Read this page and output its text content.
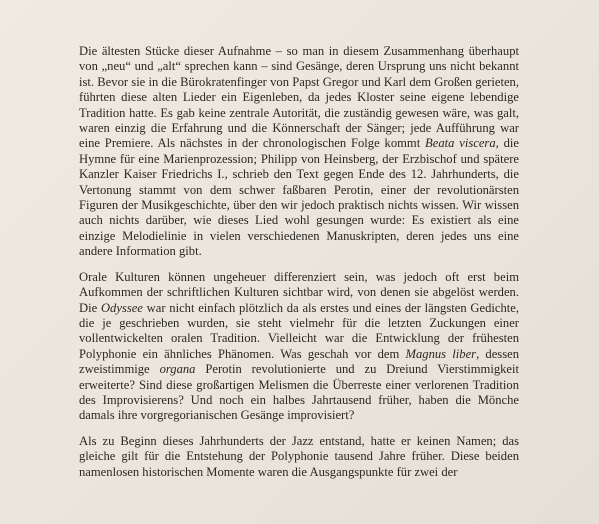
Die ältesten Stücke dieser Aufnahme – so man in diesem Zusammenhang überhaupt von „neu“ und „alt“ sprechen kann – sind Gesänge, deren Ursprung uns nicht bekannt ist. Bevor sie in die Bürokratenfinger von Papst Gregor und Karl dem Großen gerieten, führten diese alten Lieder ein Eigenleben, da jedes Kloster seine eigene lebendige Tradition hatte. Es gab keine zentrale Autorität, die zuständig gewesen wäre, was galt, waren einzig die Erfahrung und die Könnerschaft der Sänger; jede Aufführung war eine Premiere. Als nächstes in der chronologischen Folge kommt Beata viscera, die Hymne für eine Marienprozession; Philipp von Heinsberg, der Erzbischof und spätere Kanzler Kaiser Friedrichs I., schrieb den Text gegen Ende des 12. Jahrhunderts, die Vertonung stammt von dem schwer faßbaren Perotin, einer der revolutionärsten Figuren der Musikgeschichte, über den wir jedoch praktisch nichts wissen. Wir wissen auch nichts darüber, wie dieses Lied wohl gesungen wurde: Es existiert als eine einzige Melodielinie in vielen verschiedenen Manuskripten, deren jedes uns eine andere Information gibt.

Orale Kulturen können ungeheuer differenziert sein, was jedoch oft erst beim Aufkommen der schriftlichen Kulturen sichtbar wird, von denen sie abgelöst werden. Die Odyssee war nicht einfach plötzlich da als erstes und eines der längsten Gedichte, die je geschrieben wurden, sie steht vielmehr für die letzten Zuckungen einer vollentwickelten oralen Tradition. Vielleicht war die Entwicklung der frühesten Polyphonie ein ähnliches Phänomen. Was geschah vor dem Magnus liber, dessen zweistimmige organa Perotin revolutionierte und zu Dreiund Vierstimmigkeit erweiterte? Sind diese großartigen Melismen die Überreste einer verlorenen Tradition des Improvisierens? Und noch ein halbes Jahrtausend früher, haben die Mönche damals ihre vorgregorianischen Gesänge improvisiert?

Als zu Beginn dieses Jahrhunderts der Jazz entstand, hatte er keinen Namen; das gleiche gilt für die Entstehung der Polyphonie tausend Jahre früher. Diese beiden namenlosen historischen Momente waren die Ausgangspunkte für zwei der
